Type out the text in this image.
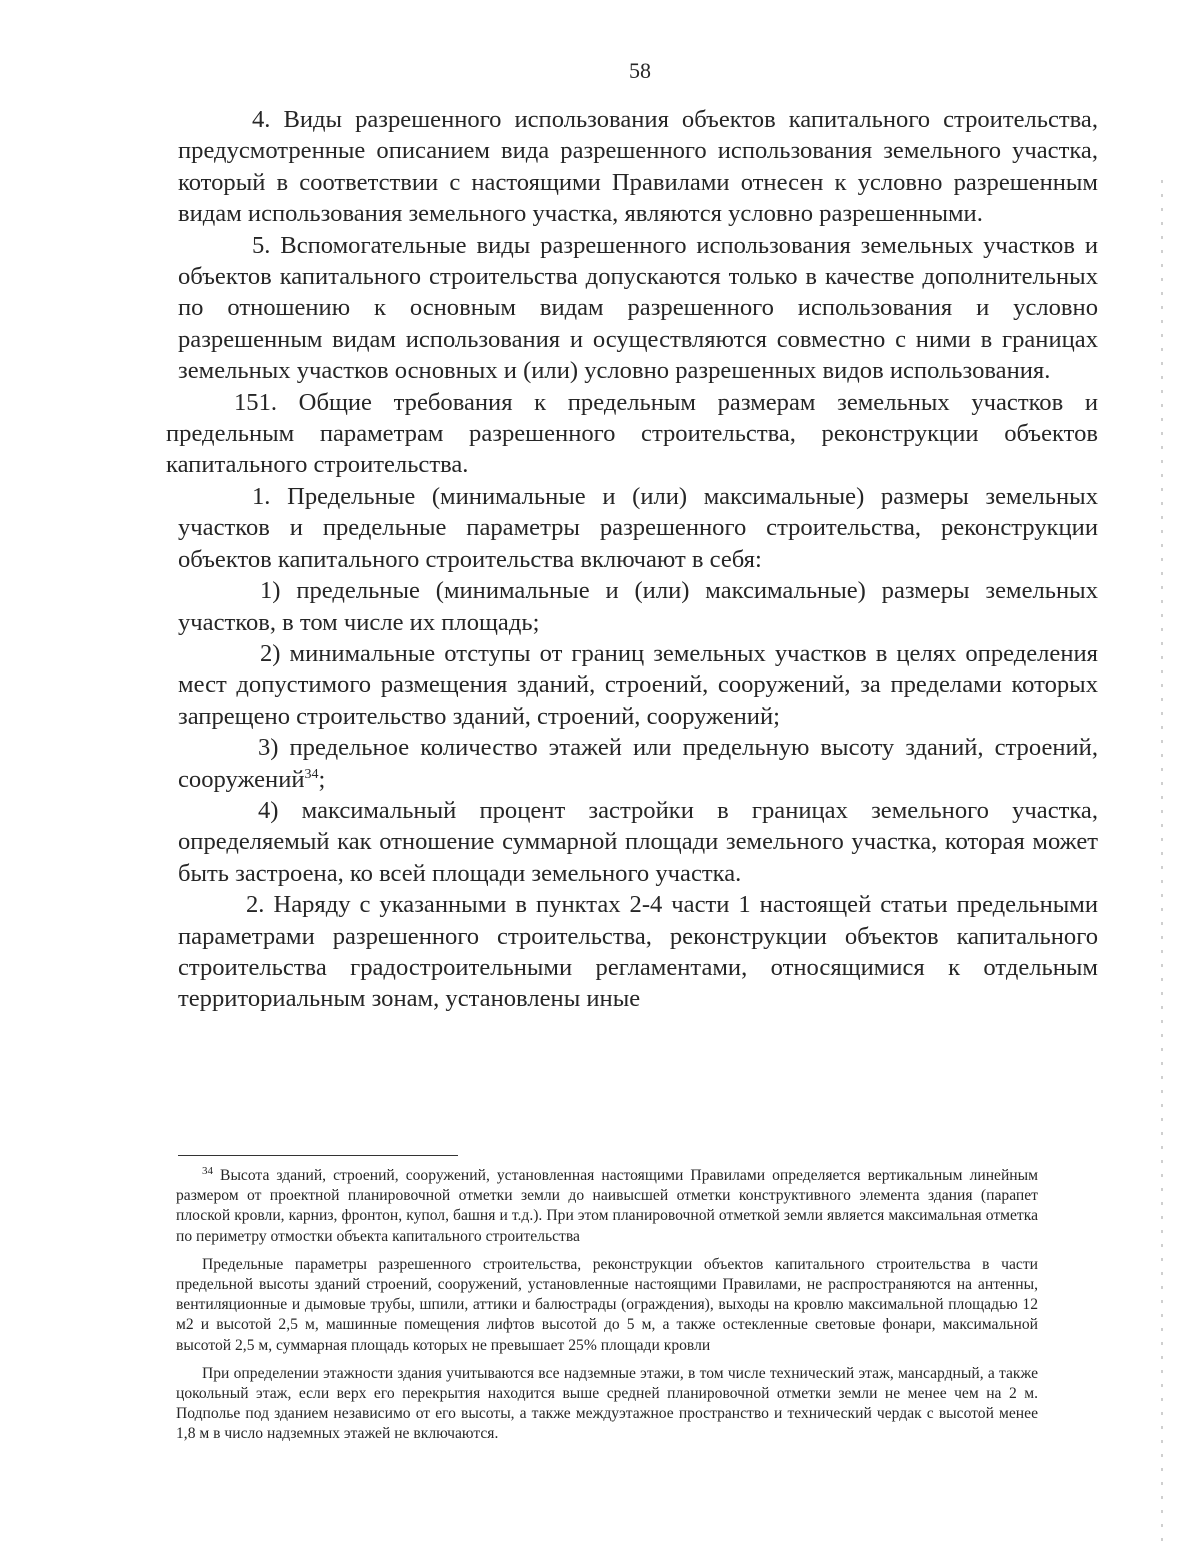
58

4. Виды разрешенного использования объектов капитального строительства, предусмотренные описанием вида разрешенного использования земельного участка, который в соответствии с настоящими Правилами отнесен к условно разрешенным видам использования земельного участка, являются условно разрешенными.

5. Вспомогательные виды разрешенного использования земельных участков и объектов капитального строительства допускаются только в качестве дополнительных по отношению к основным видам разрешенного использования и условно разрешенным видам использования и осуществляются совместно с ними в границах земельных участков основных и (или) условно разрешенных видов использования.

151. Общие требования к предельным размерам земельных участков и предельным параметрам разрешенного строительства, реконструкции объектов капитального строительства.

1. Предельные (минимальные и (или) максимальные) размеры земельных участков и предельные параметры разрешенного строительства, реконструкции объектов капитального строительства включают в себя:

1) предельные (минимальные и (или) максимальные) размеры земельных участков, в том числе их площадь;

2) минимальные отступы от границ земельных участков в целях определения мест допустимого размещения зданий, строений, сооружений, за пределами которых запрещено строительство зданий, строений, сооружений;

3) предельное количество этажей или предельную высоту зданий, строений, сооружений$^{34}$;

4) максимальный процент застройки в границах земельного участка, определяемый как отношение суммарной площади земельного участка, которая может быть застроена, ко всей площади земельного участка.

2. Наряду с указанными в пунктах 2-4 части 1 настоящей статьи предельными параметрами разрешенного строительства, реконструкции объектов капитального строительства градостроительными регламентами, относящимися к отдельным территориальным зонам, установлены иные

$^{34}$ Высота зданий, строений, сооружений, установленная настоящими Правилами определяется вертикальным линейным размером от проектной планировочной отметки земли до наивысшей отметки конструктивного элемента здания (парапет плоской кровли, карниз, фронтон, купол, башня и т.д.). При этом планировочной отметкой земли является максимальная отметка по периметру отмостки объекта капитального строительства

Предельные параметры разрешенного строительства, реконструкции объектов капитального строительства в части предельной высоты зданий строений, сооружений, установленные настоящими Правилами, не распространяются на антенны, вентиляционные и дымовые трубы, шпили, аттики и балюстрады (ограждения), выходы на кровлю максимальной площадью 12 м2 и высотой 2,5 м, машинные помещения лифтов высотой до 5 м, а также остекленные световые фонари, максимальной высотой 2,5 м, суммарная площадь которых не превышает 25% площади кровли

При определении этажности здания учитываются все надземные этажи, в том числе технический этаж, мансардный, а также цокольный этаж, если верх его перекрытия находится выше средней планировочной отметки земли не менее чем на 2 м. Подполье под зданием независимо от его высоты, а также междуэтажное пространство и технический чердак с высотой менее 1,8 м в число надземных этажей не включаются.
